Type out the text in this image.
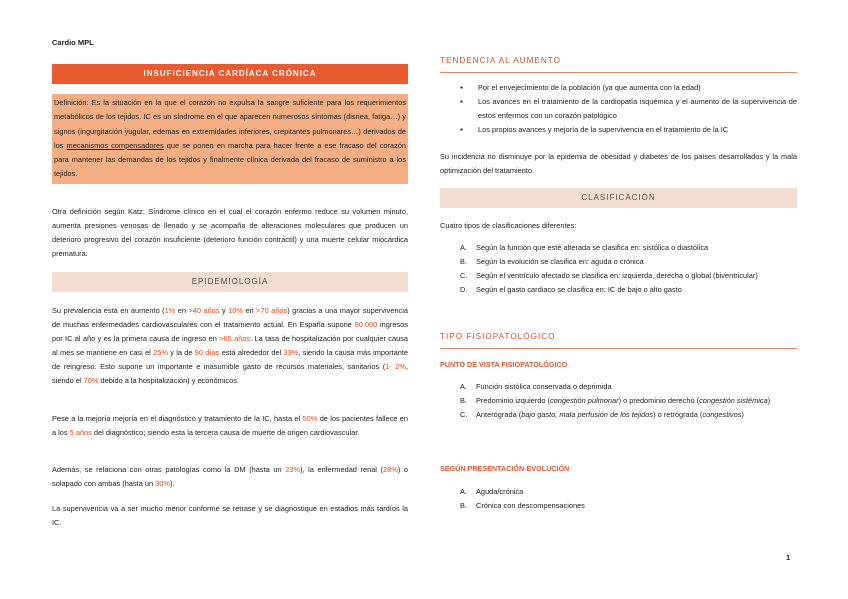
Cardio MPL
INSUFICIENCIA CARDÍACA CRÓNICA
Definición: Es la situación en la que el corazón no expulsa la sangre suficiente para los requerimientos metabólicos de los tejidos. IC es un síndrome en el que aparecen numerosos síntomas (disnea, fatiga…) y signos (ingurgitación yugular, edemas en extremidades inferiores, crepitantes pulmonares…) derivados de los mecanismos compensadores que se ponen en marcha para hacer frente a ese fracaso del corazón para mantener las demandas de los tejidos y finalmente clínica derivada del fracaso de suministro a los tejidos.

Otra definición según Katz: Síndrome clínico en el cual el corazón enfermo reduce su volumen minuto, aumenta presiones venosas de llenado y se acompaña de alteraciones moleculares que producen un deterioro progresivo del corazón insuficiente (deterioro función contráctil) y una muerte celular miocárdica prematura.

EPIDEMIOLOGÍA

Su prevalencia está en aumento (1% en >40 años y 10% en >70 años) gracias a una mayor supervivencia de muchas enfermedades cardiovasculares con el tratamiento actual. En España supone 80.000 ingresos por IC al año y es la primera causa de ingreso en >65 años. La tasa de hospitalización por cualquier causa al mes se mantiene en casi el 25% y la de 90 días está alrededor del 33%, siendo la causa más importante de reingreso. Esto supone un importante e inasumible gasto de recursos materiales, sanitarios (1- 2%, siendo el 70% debido a la hospitalización) y económicos.

Pese a la mejoría mejoría en el diagnóstico y tratamiento de la IC, hasta el 50% de los pacientes fallece en a los 5 años del diagnóstico; siendo esta la tercera causa de muerte de origen cardiovascular.

Además, se relaciona con otras patologías como la DM (hasta un 23%), la enfermedad renal (28%) o solapado con ambas (hasta un 30%).

La supervivencia va a ser mucho menor conforme se retrase y se diagnostique en estadios más tardíos la IC.

TENDENCIA AL AUMENTO
▪ Por el envejecimiento de la población (ya que aumenta con la edad)
▪ Los avances en el tratamiento de la cardiopatía isquémica y el aumento de la supervivencia de estos enfermos con un corazón patológico
▪ Los propios avances y mejoría de la supervivencia en el tratamiento de la IC

Su incidencia no disminuye por la epidemia de obesidad y diabetes de los países desarrollados y la mala optimización del tratamiento.

CLASIFICACIÓN

Cuatro tipos de clasificaciones diferentes:

A. Según la función que esté alterada se clasifica en: sistólica o diastólica
B. Según la evolución se clasifica en: aguda o crónica
C. Según el ventrículo afectado se clasifica en: izquierda, derecha o global (biventricular)
D. Según el gasto cardiaco se clasifica en: IC de bajo o alto gasto
TIPO FISIOPATOLÓGICO
PUNTO DE VISTA FISIOPATOLÓGICO
A. Función sistólica conservada o deprimida
B. Predominio izquierdo (congestión pulmonar) o predominio derecho (congestión sistémica)
C. Anterógrada (bajo gasto, mala perfusión de los tejidos) o retrógrada (congestivos)
SEGÚN PRESENTACIÓN-EVOLUCIÓN
A. Aguda/crónica
B. Crónica con descompensaciones
1
